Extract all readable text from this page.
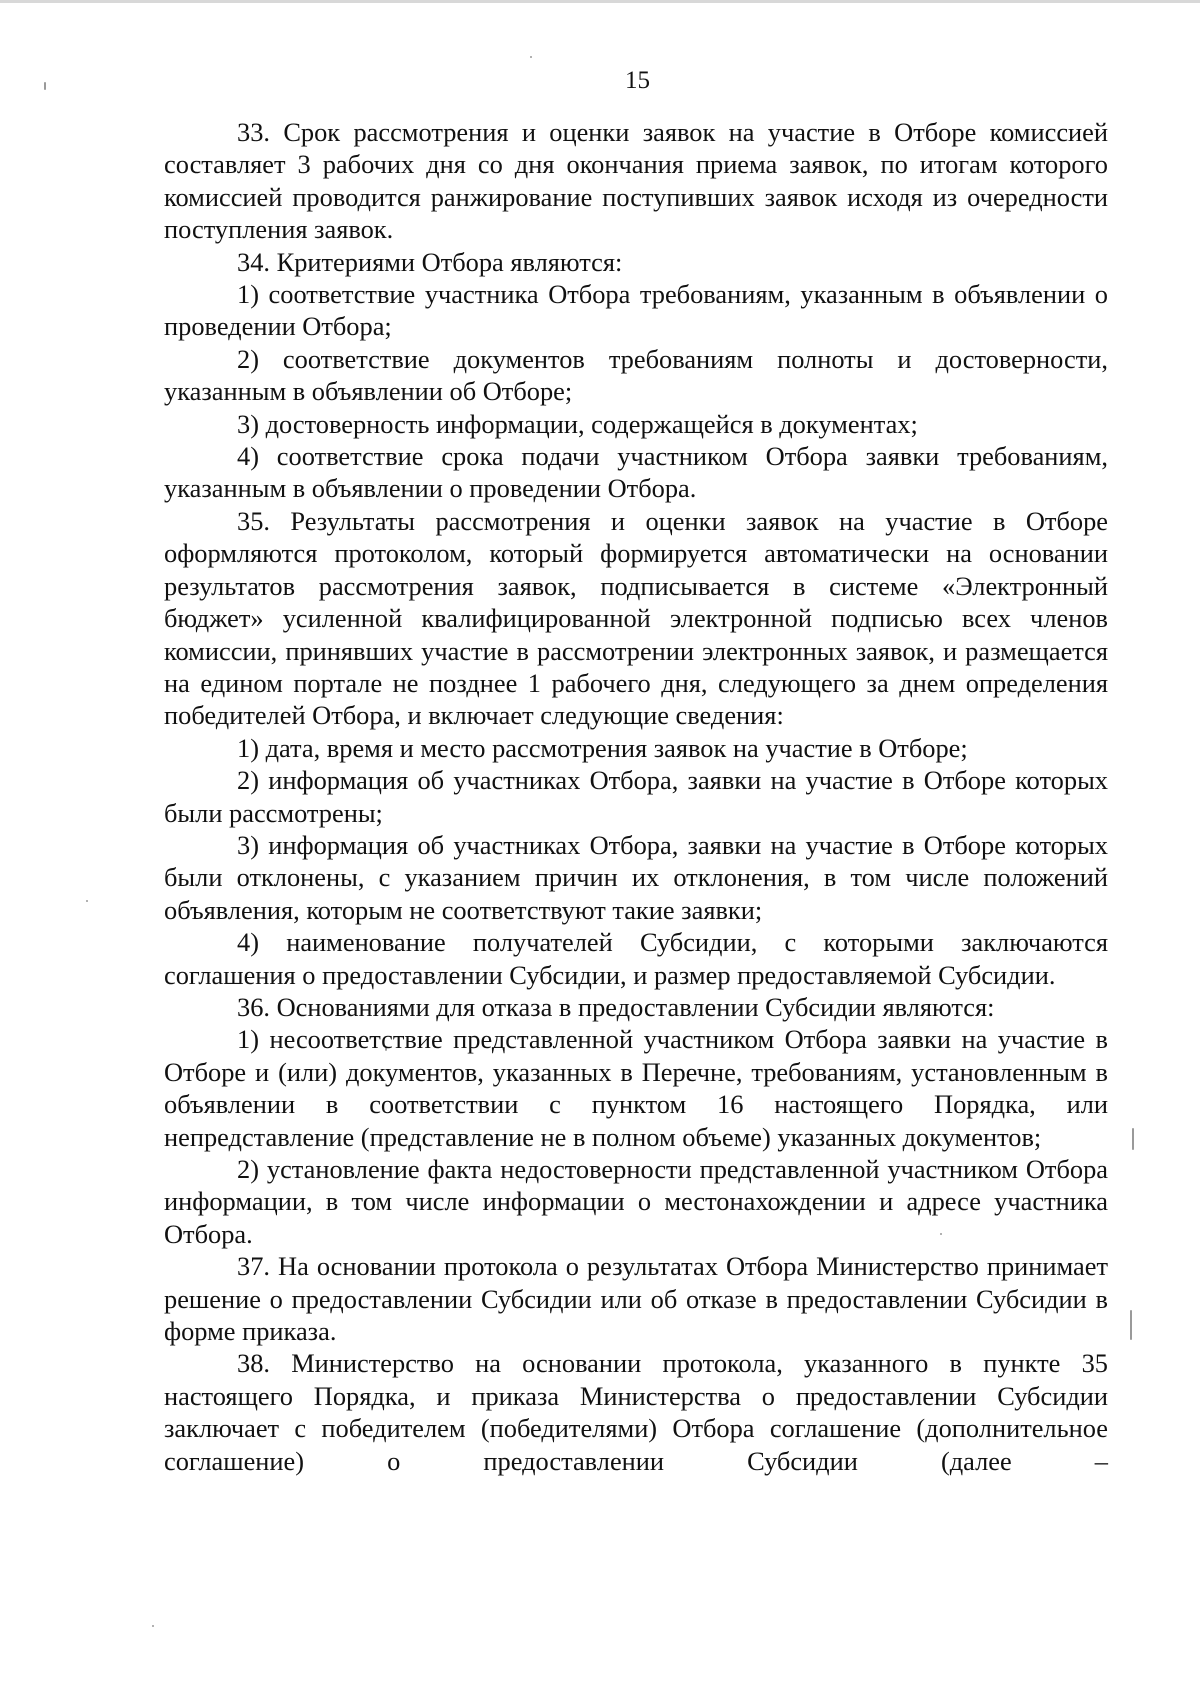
15

33. Срок рассмотрения и оценки заявок на участие в Отборе комиссией составляет 3 рабочих дня со дня окончания приема заявок, по итогам которого комиссией проводится ранжирование поступивших заявок исходя из очередности поступления заявок.

34. Критериями Отбора являются:

1) соответствие участника Отбора требованиям, указанным в объявлении о проведении Отбора;

2) соответствие документов требованиям полноты и достоверности, указанным в объявлении об Отборе;

3) достоверность информации, содержащейся в документах;

4) соответствие срока подачи участником Отбора заявки требованиям, указанным в объявлении о проведении Отбора.

35. Результаты рассмотрения и оценки заявок на участие в Отборе оформляются протоколом, который формируется автоматически на основании результатов рассмотрения заявок, подписывается в системе «Электронный бюджет» усиленной квалифицированной электронной подписью всех членов комиссии, принявших участие в рассмотрении электронных заявок, и размещается на едином портале не позднее 1 рабочего дня, следующего за днем определения победителей Отбора, и включает следующие сведения:

1) дата, время и место рассмотрения заявок на участие в Отборе;

2) информация об участниках Отбора, заявки на участие в Отборе которых были рассмотрены;

3) информация об участниках Отбора, заявки на участие в Отборе которых были отклонены, с указанием причин их отклонения, в том числе положений объявления, которым не соответствуют такие заявки;

4) наименование получателей Субсидии, с которыми заключаются соглашения о предоставлении Субсидии, и размер предоставляемой Субсидии.

36. Основаниями для отказа в предоставлении Субсидии являются:

1) несоответствие представленной участником Отбора заявки на участие в Отборе и (или) документов, указанных в Перечне, требованиям, установленным в объявлении в соответствии с пунктом 16 настоящего Порядка, или непредставление (представление не в полном объеме) указанных документов;

2) установление факта недостоверности представленной участником Отбора информации, в том числе информации о местонахождении и адресе участника Отбора.

37. На основании протокола о результатах Отбора Министерство принимает решение о предоставлении Субсидии или об отказе в предоставлении Субсидии в форме приказа.

38. Министерство на основании протокола, указанного в пункте 35 настоящего Порядка, и приказа Министерства о предоставлении Субсидии заключает с победителем (победителями) Отбора соглашение (дополнительное соглашение) о предоставлении Субсидии (далее –
